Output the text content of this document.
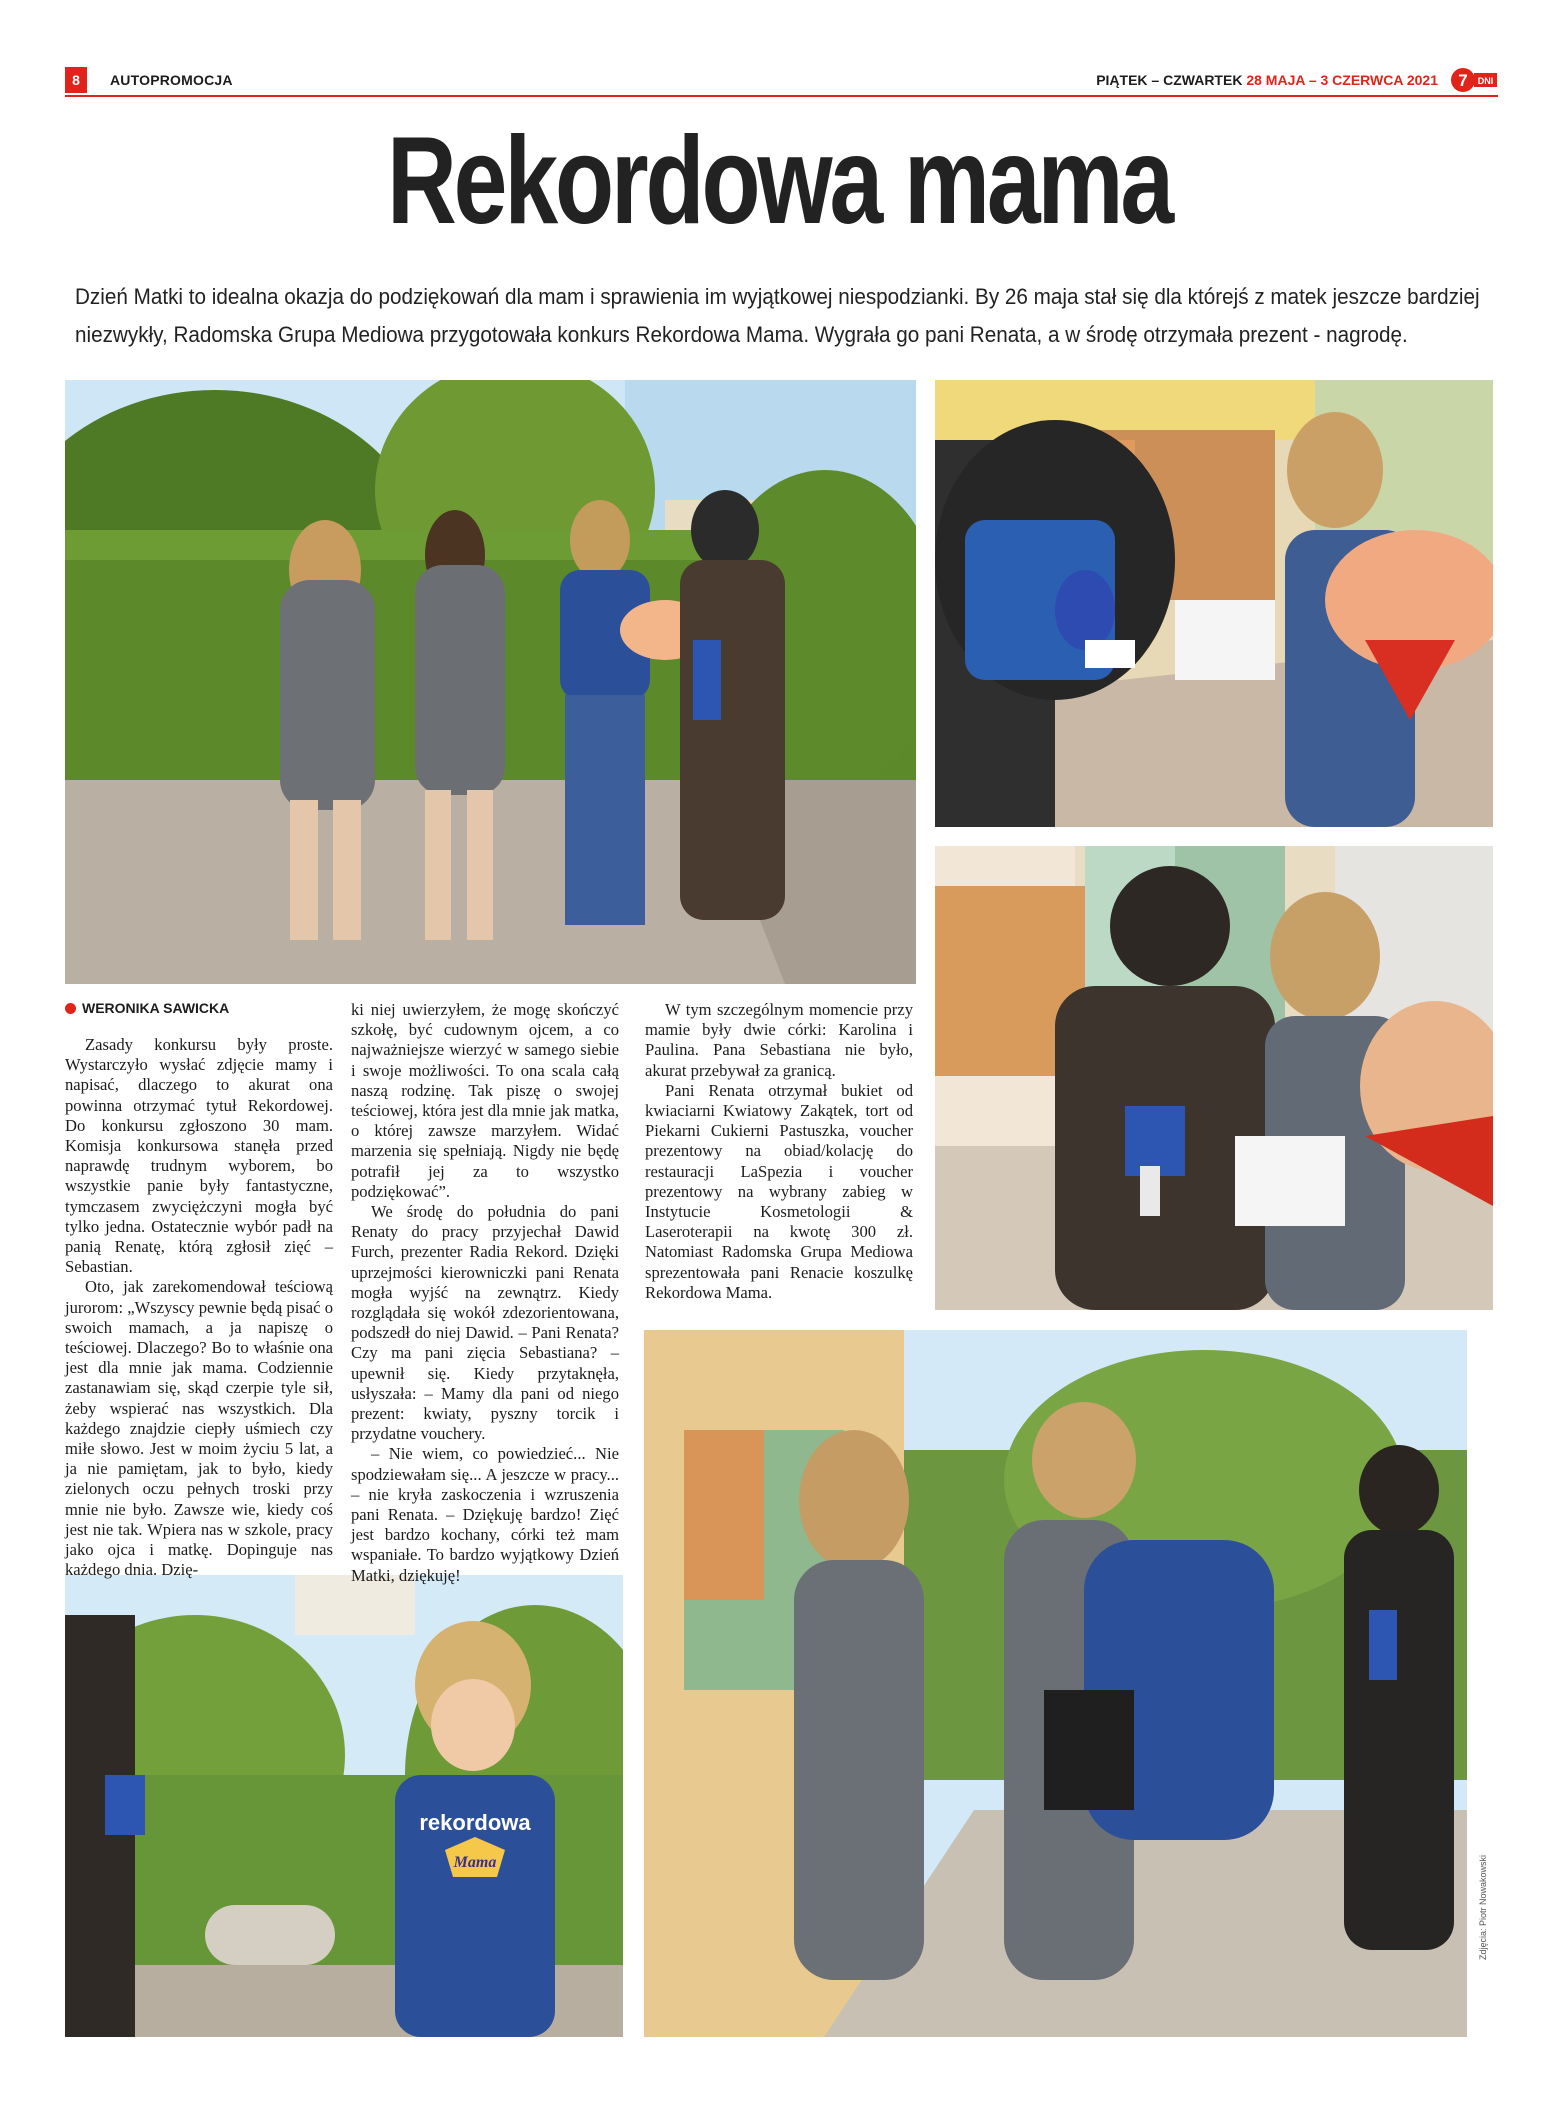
8	AUTOPROMOCJA	PIĄTEK – CZWARTEK 28 MAJA – 3 CZERWCA 2021 7 DNI
Rekordowa mama
Dzień Matki to idealna okazja do podziękowań dla mam i sprawienia im wyjątkowej niespodzianki. By 26 maja stał się dla którejś z matek jeszcze bardziej niezwykły, Radomska Grupa Mediowa przygotowała konkurs Rekordowa Mama. Wygrała go pani Renata, a w środę otrzymała prezent - nagrodę.
rekordowa
Mama
WERONIKA SAWICKA

Zasady konkursu były proste. Wystarczyło wysłać zdjęcie mamy i napisać, dlaczego to akurat ona powinna otrzymać tytuł Rekordowej. Do konkursu zgłoszono 30 mam. Komisja konkursowa stanęła przed naprawdę trudnym wyborem, bo wszystkie panie były fantastyczne, tymczasem zwyciężczyni mogła być tylko jedna. Ostatecznie wybór padł na panią Renatę, którą zgłosił zięć – Sebastian.

Oto, jak zarekomendował teściową jurorom: „Wszyscy pewnie będą pisać o swoich mamach, a ja napiszę o teściowej. Dlaczego? Bo to właśnie ona jest dla mnie jak mama. Codziennie zastanawiam się, skąd czerpie tyle sił, żeby wspierać nas wszystkich. Dla każdego znajdzie ciepły uśmiech czy miłe słowo. Jest w moim życiu 5 lat, a ja nie pamiętam, jak to było, kiedy zielonych oczu pełnych troski przy mnie nie było. Zawsze wie, kiedy coś jest nie tak. Wpiera nas w szkole, pracy jako ojca i matkę. Dopinguje nas każdego dnia. Dzię-

ki niej uwierzyłem, że mogę skończyć szkołę, być cudownym ojcem, a co najważniejsze wierzyć w samego siebie i swoje możliwości. To ona scala całą naszą rodzinę. Tak piszę o swojej teściowej, która jest dla mnie jak matka, o której zawsze marzyłem. Widać marzenia się spełniają. Nigdy nie będę potrafił jej za to wszystko podziękować”.

We środę do południa do pani Renaty do pracy przyjechał Dawid Furch, prezenter Radia Rekord. Dzięki uprzejmości kierowniczki pani Renata mogła wyjść na zewnątrz. Kiedy rozglądała się wokół zdezorientowana, podszedł do niej Dawid. – Pani Renata? Czy ma pani zięcia Sebastiana? – upewnił się. Kiedy przytaknęła, usłyszała: – Mamy dla pani od niego prezent: kwiaty, pyszny torcik i przydatne vouchery.

– Nie wiem, co powiedzieć... Nie spodziewałam się... A jeszcze w pracy... – nie kryła zaskoczenia i wzruszenia pani Renata. – Dziękuję bardzo! Zięć jest bardzo kochany, córki też mam wspaniałe. To bardzo wyjątkowy Dzień Matki, dziękuję!

W tym szczególnym momencie przy mamie były dwie córki: Karolina i Paulina. Pana Sebastiana nie było, akurat przebywał za granicą.

Pani Renata otrzymał bukiet od kwiaciarni Kwiatowy Zakątek, tort od Piekarni Cukierni Pastuszka, voucher prezentowy na obiad/kolację do restauracji LaSpezia i voucher prezentowy na wybrany zabieg w Instytucie Kosmetologii & Laseroterapii na kwotę 300 zł. Natomiast Radomska Grupa Mediowa sprezentowała pani Renacie koszulkę Rekordowa Mama.

Zdjęcia: Piotr Nowakowski
